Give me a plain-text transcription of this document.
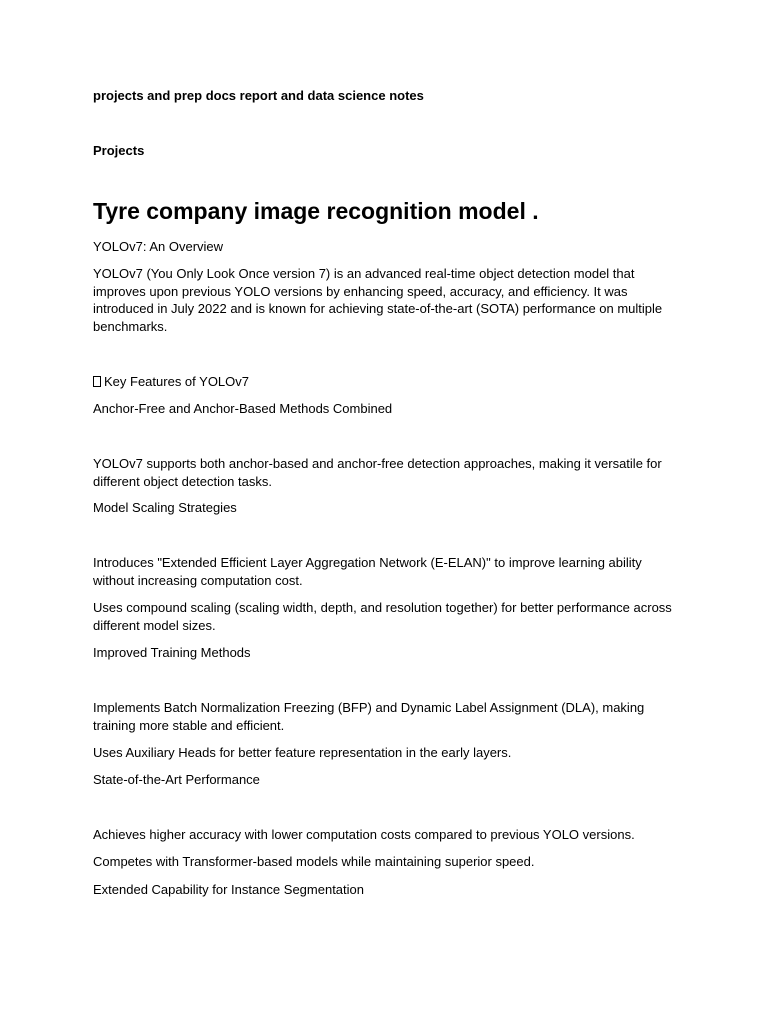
projects and prep docs report and data science notes

Projects

Tyre company image recognition model .

YOLOv7: An Overview

YOLOv7 (You Only Look Once version 7) is an advanced real-time object detection model that improves upon previous YOLO versions by enhancing speed, accuracy, and efficiency. It was introduced in July 2022 and is known for achieving state-of-the-art (SOTA) performance on multiple benchmarks.

Key Features of YOLOv7

Anchor-Free and Anchor-Based Methods Combined

YOLOv7 supports both anchor-based and anchor-free detection approaches, making it versatile for different object detection tasks.

Model Scaling Strategies

Introduces "Extended Efficient Layer Aggregation Network (E-ELAN)" to improve learning ability without increasing computation cost.

Uses compound scaling (scaling width, depth, and resolution together) for better performance across different model sizes.

Improved Training Methods

Implements Batch Normalization Freezing (BFP) and Dynamic Label Assignment (DLA), making training more stable and efficient.

Uses Auxiliary Heads for better feature representation in the early layers.

State-of-the-Art Performance

Achieves higher accuracy with lower computation costs compared to previous YOLO versions.

Competes with Transformer-based models while maintaining superior speed.

Extended Capability for Instance Segmentation
